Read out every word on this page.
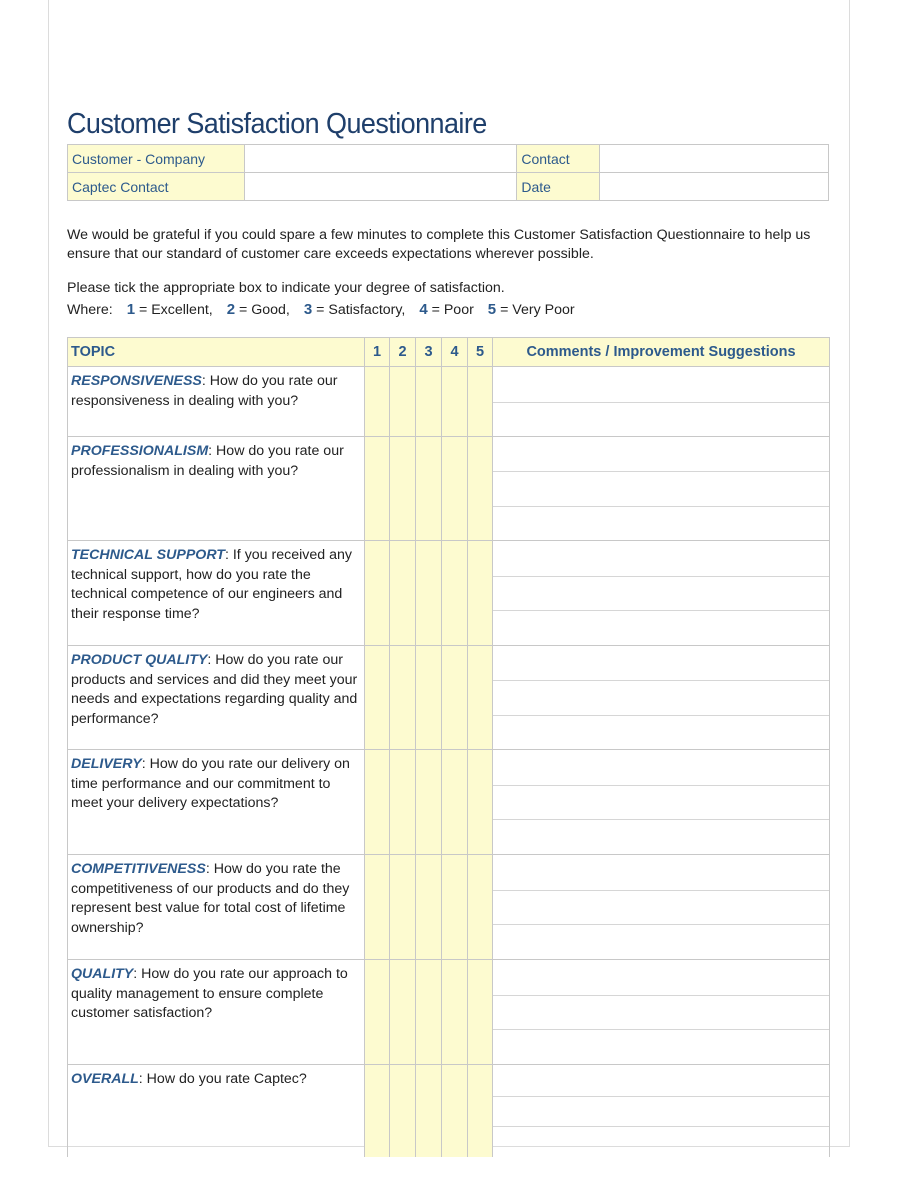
Customer Satisfaction Questionnaire
Customer - Company		Contact	
Captec Contact		Date	
We would be grateful if you could spare a few minutes to complete this Customer Satisfaction Questionnaire to help us ensure that our standard of customer care exceeds expectations wherever possible.
Please tick the appropriate box to indicate your degree of satisfaction.
Where: 1 = Excellent, 2 = Good, 3 = Satisfactory, 4 = Poor 5 = Very Poor
TOPIC	1	2	3	4	5	Comments / Improvement Suggestions
RESPONSIVENESS: How do you rate our responsiveness in dealing with you?						

PROFESSIONALISM: How do you rate our professionalism in dealing with you?						

TECHNICAL SUPPORT: If you received any technical support, how do you rate the technical competence of our engineers and their response time?						

PRODUCT QUALITY: How do you rate our products and services and did they meet your needs and expectations regarding quality and performance?						

DELIVERY: How do you rate our delivery on time performance and our commitment to meet your delivery expectations?						

COMPETITIVENESS: How do you rate the competitiveness of our products and do they represent best value for total cost of lifetime ownership?						

QUALITY: How do you rate our approach to quality management to ensure complete customer satisfaction?						

OVERALL: How do you rate Captec?						
